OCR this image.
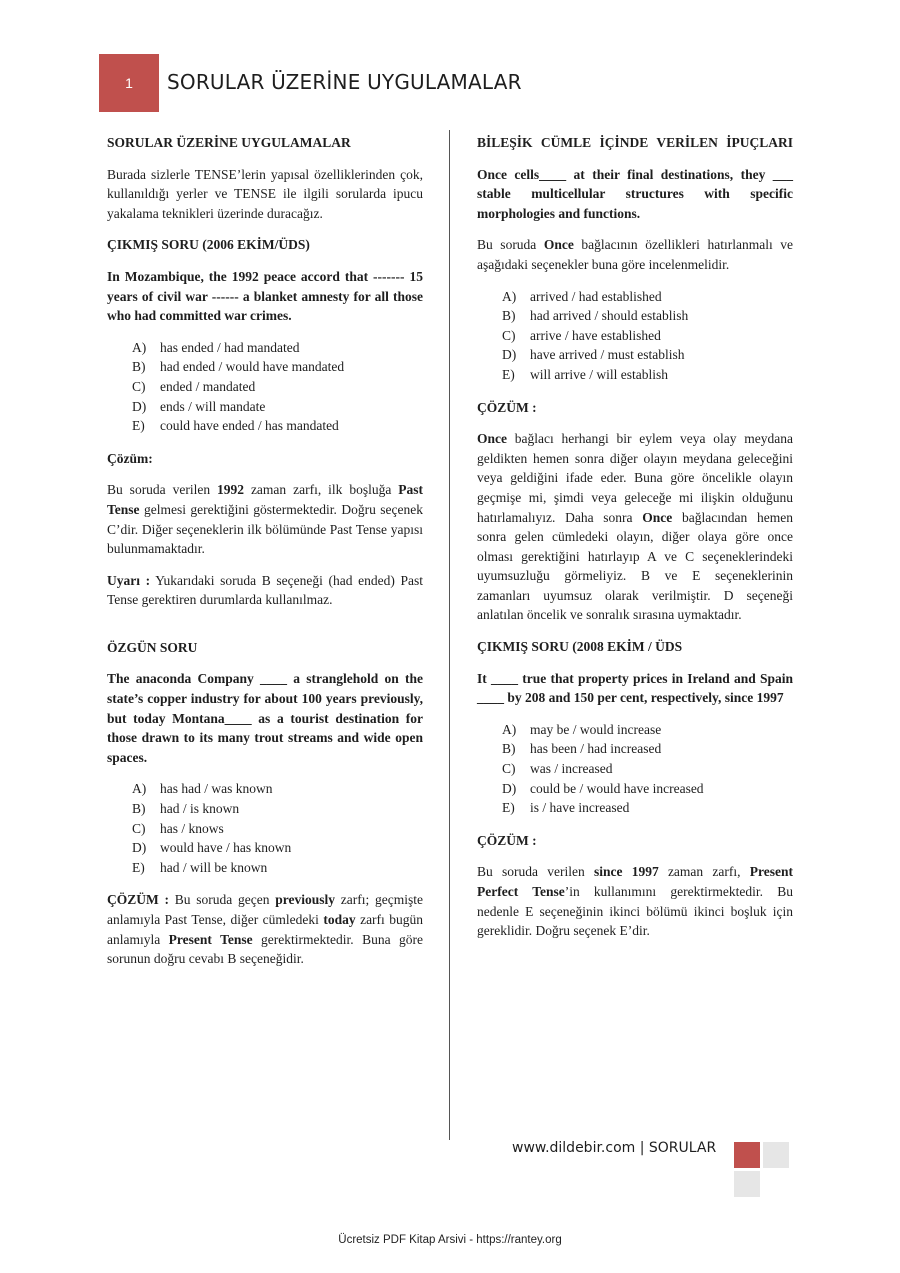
1 SORULAR ÜZERİNE UYGULAMALAR
SORULAR ÜZERİNE UYGULAMALAR

Burada sizlerle TENSE’lerin yapısal özelliklerinden çok, kullanıldığı yerler ve TENSE ile ilgili sorularda ipucu yakalama teknikleri üzerinde duracağız.

ÇIKMIŞ SORU (2006 EKİM/ÜDS)

In Mozambique, the 1992 peace accord that ------- 15 years of civil war ------ a blanket amnesty for all those who had committed war crimes.

A)	has ended / had mandated
B)	had ended / would have mandated
C)	ended / mandated
D)	ends / will mandate
E)	could have ended / has mandated
Çözüm:

Bu soruda verilen 1992 zaman zarfı, ilk boşluğa Past Tense gelmesi gerektiğini göstermektedir. Doğru seçenek C’dir. Diğer seçeneklerin ilk bölümünde Past Tense yapısı bulunmamaktadır.

Uyarı : Yukarıdaki soruda B seçeneği (had ended) Past Tense gerektiren durumlarda kullanılmaz.

ÖZGÜN SORU

The anaconda Company ____ a stranglehold on the state’s copper industry for about 100 years previously, but today Montana____ as a tourist destination for those drawn to its many trout streams and wide open spaces.

A)	has had / was known
B)	had / is known
C)	has / knows
D)	would have / has known
E)	had / will be known

ÇÖZÜM : Bu soruda geçen previously zarfı; geçmişte anlamıyla Past Tense, diğer cümledeki today zarfı bugün anlamıyla Present Tense gerektirmektedir. Buna göre sorunun doğru cevabı B seçeneğidir.

BİLEŞİK CÜMLE İÇİNDE VERİLEN İPUÇLARI

Once cells____ at their final destinations, they ___ stable multicellular structures with specific morphologies and functions.

Bu soruda Once bağlacının özellikleri hatırlanmalı ve aşağıdaki seçenekler buna göre incelenmelidir.

A)	arrived / had established
B)	had arrived / should establish
C)	arrive / have established
D)	have arrived / must establish
E)	will arrive / will establish
ÇÖZÜM :

Once bağlacı herhangi bir eylem veya olay meydana geldikten hemen sonra diğer olayın meydana geleceğini veya geldiğini ifade eder. Buna göre öncelikle olayın geçmişe mi, şimdi veya geleceğe mi ilişkin olduğunu hatırlamalıyız. Daha sonra Once bağlacından hemen sonra gelen cümledeki olayın, diğer olaya göre once olması gerektiğini hatırlayıp A ve C seçeneklerindeki uyumsuzluğu görmeliyiz. B ve E seçeneklerinin zamanları uyumsuz olarak verilmiştir. D seçeneği anlatılan öncelik ve sonralık sırasına uymaktadır.

ÇIKMIŞ SORU (2008 EKİM / ÜDS

It ____ true that property prices in Ireland and Spain ____ by 208 and 150 per cent, respectively, since 1997

A)	may be / would increase
B)	has been / had increased
C)	was / increased
D)	could be / would have increased
E)	is / have increased
ÇÖZÜM :

Bu soruda verilen since 1997 zaman zarfı, Present Perfect Tense’in kullanımını gerektirmektedir. Bu nedenle E seçeneğinin ikinci bölümü ikinci boşluk için gereklidir. Doğru seçenek E’dir.

www.dildebir.com | SORULAR
Ücretsiz PDF Kitap Arsivi - https://rantey.org
